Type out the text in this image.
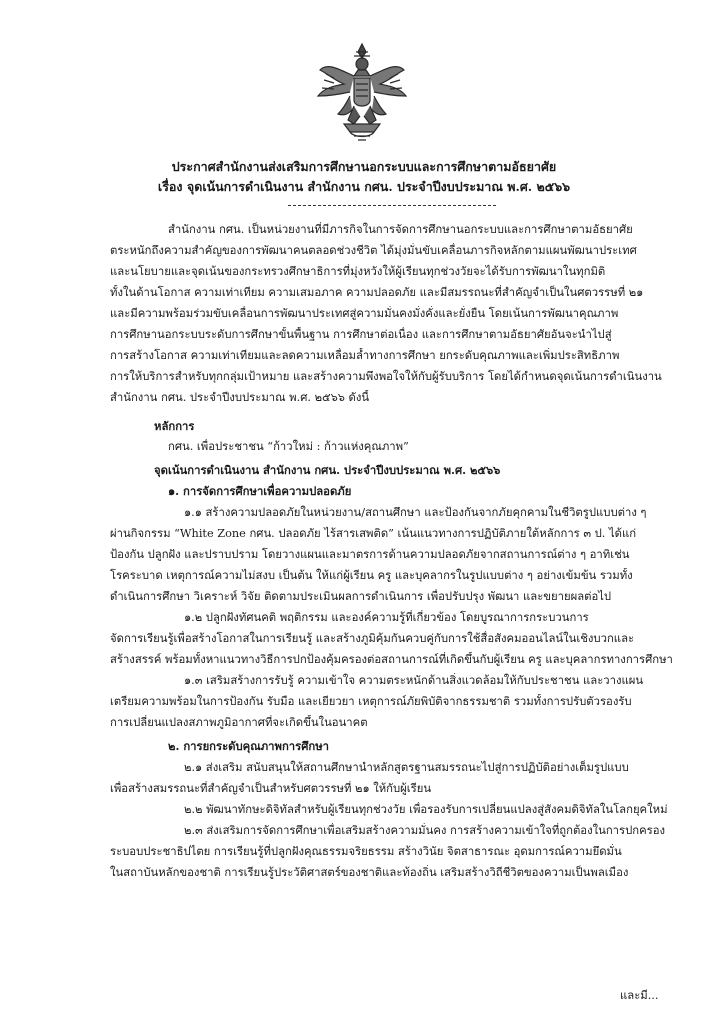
ประกาศสำนักงานส่งเสริมการศึกษานอกระบบและการศึกษาตามอัธยาศัย
เรื่อง จุดเน้นการดำเนินงาน สำนักงาน กศน. ประจำปีงบประมาณ พ.ศ. ๒๕๖๖
สำนักงาน กศน. เป็นหน่วยงานที่มีภารกิจในการจัดการศึกษานอกระบบและการศึกษาตามอัธยาศัย
ตระหนักถึงความสำคัญของการพัฒนาคนตลอดช่วงชีวิต ได้มุ่งมั่นขับเคลื่อนภารกิจหลักตามแผนพัฒนาประเทศ
และนโยบายและจุดเน้นของกระทรวงศึกษาธิการที่มุ่งหวังให้ผู้เรียนทุกช่วงวัยจะได้รับการพัฒนาในทุกมิติ
ทั้งในด้านโอกาส ความเท่าเทียม ความเสมอภาค ความปลอดภัย และมีสมรรถนะที่สำคัญจำเป็นในศตวรรษที่ ๒๑
และมีความพร้อมร่วมขับเคลื่อนการพัฒนาประเทศสู่ความมั่นคงมั่งคั่งและยั่งยืน โดยเน้นการพัฒนาคุณภาพ
การศึกษานอกระบบระดับการศึกษาขั้นพื้นฐาน การศึกษาต่อเนื่อง และการศึกษาตามอัธยาศัยอันจะนำไปสู่
การสร้างโอกาส ความเท่าเทียมและลดความเหลื่อมล้ำทางการศึกษา ยกระดับคุณภาพและเพิ่มประสิทธิภาพ
การให้บริการสำหรับทุกกลุ่มเป้าหมาย และสร้างความพึงพอใจให้กับผู้รับบริการ โดยได้กำหนดจุดเน้นการดำเนินงาน
สำนักงาน กศน. ประจำปีงบประมาณ พ.ศ. ๒๕๖๖ ดังนี้
หลักการ
กศน. เพื่อประชาชน “ก้าวใหม่ : ก้าวแห่งคุณภาพ”
จุดเน้นการดำเนินงาน สำนักงาน กศน. ประจำปีงบประมาณ พ.ศ. ๒๕๖๖
๑. การจัดการศึกษาเพื่อความปลอดภัย
๑.๑ สร้างความปลอดภัยในหน่วยงาน/สถานศึกษา และป้องกันจากภัยคุกคามในชีวิตรูปแบบต่าง ๆ
ผ่านกิจกรรม “White Zone กศน. ปลอดภัย ไร้สารเสพติด” เน้นแนวทางการปฏิบัติภายใต้หลักการ ๓ ป. ได้แก่
ป้องกัน ปลูกฝัง และปราบปราม โดยวางแผนและมาตรการด้านความปลอดภัยจากสถานการณ์ต่าง ๆ อาทิเช่น
โรคระบาด เหตุการณ์ความไม่สงบ เป็นต้น ให้แก่ผู้เรียน ครู และบุคลากรในรูปแบบต่าง ๆ อย่างเข้มข้น รวมทั้ง
ดำเนินการศึกษา วิเคราะห์ วิจัย ติดตามประเมินผลการดำเนินการ เพื่อปรับปรุง พัฒนา และขยายผลต่อไป
๑.๒ ปลูกฝังทัศนคติ พฤติกรรม และองค์ความรู้ที่เกี่ยวข้อง โดยบูรณาการกระบวนการ
จัดการเรียนรู้เพื่อสร้างโอกาสในการเรียนรู้ และสร้างภูมิคุ้มกันควบคู่กับการใช้สื่อสังคมออนไลน์ในเชิงบวกและ
สร้างสรรค์ พร้อมทั้งหาแนวทางวิธีการปกป้องคุ้มครองต่อสถานการณ์ที่เกิดขึ้นกับผู้เรียน ครู และบุคลากรทางการศึกษา
๑.๓ เสริมสร้างการรับรู้ ความเข้าใจ ความตระหนักด้านสิ่งแวดล้อมให้กับประชาชน และวางแผน
เตรียมความพร้อมในการป้องกัน รับมือ และเยียวยา เหตุการณ์ภัยพิบัติจากธรรมชาติ รวมทั้งการปรับตัวรองรับ
การเปลี่ยนแปลงสภาพภูมิอากาศที่จะเกิดขึ้นในอนาคต
๒. การยกระดับคุณภาพการศึกษา
๒.๑ ส่งเสริม สนับสนุนให้สถานศึกษานำหลักสูตรฐานสมรรถนะไปสู่การปฏิบัติอย่างเต็มรูปแบบ
เพื่อสร้างสมรรถนะที่สำคัญจำเป็นสำหรับศตวรรษที่ ๒๑ ให้กับผู้เรียน
๒.๒ พัฒนาทักษะดิจิทัลสำหรับผู้เรียนทุกช่วงวัย เพื่อรองรับการเปลี่ยนแปลงสู่สังคมดิจิทัลในโลกยุคใหม่
๒.๓ ส่งเสริมการจัดการศึกษาเพื่อเสริมสร้างความมั่นคง การสร้างความเข้าใจที่ถูกต้องในการปกครอง
ระบอบประชาธิปไตย การเรียนรู้ที่ปลูกฝังคุณธรรมจริยธรรม สร้างวินัย จิตสาธารณะ อุดมการณ์ความยึดมั่น
ในสถาบันหลักของชาติ การเรียนรู้ประวัติศาสตร์ของชาติและท้องถิ่น เสริมสร้างวิถีชีวิตของความเป็นพลเมือง
และมี...
